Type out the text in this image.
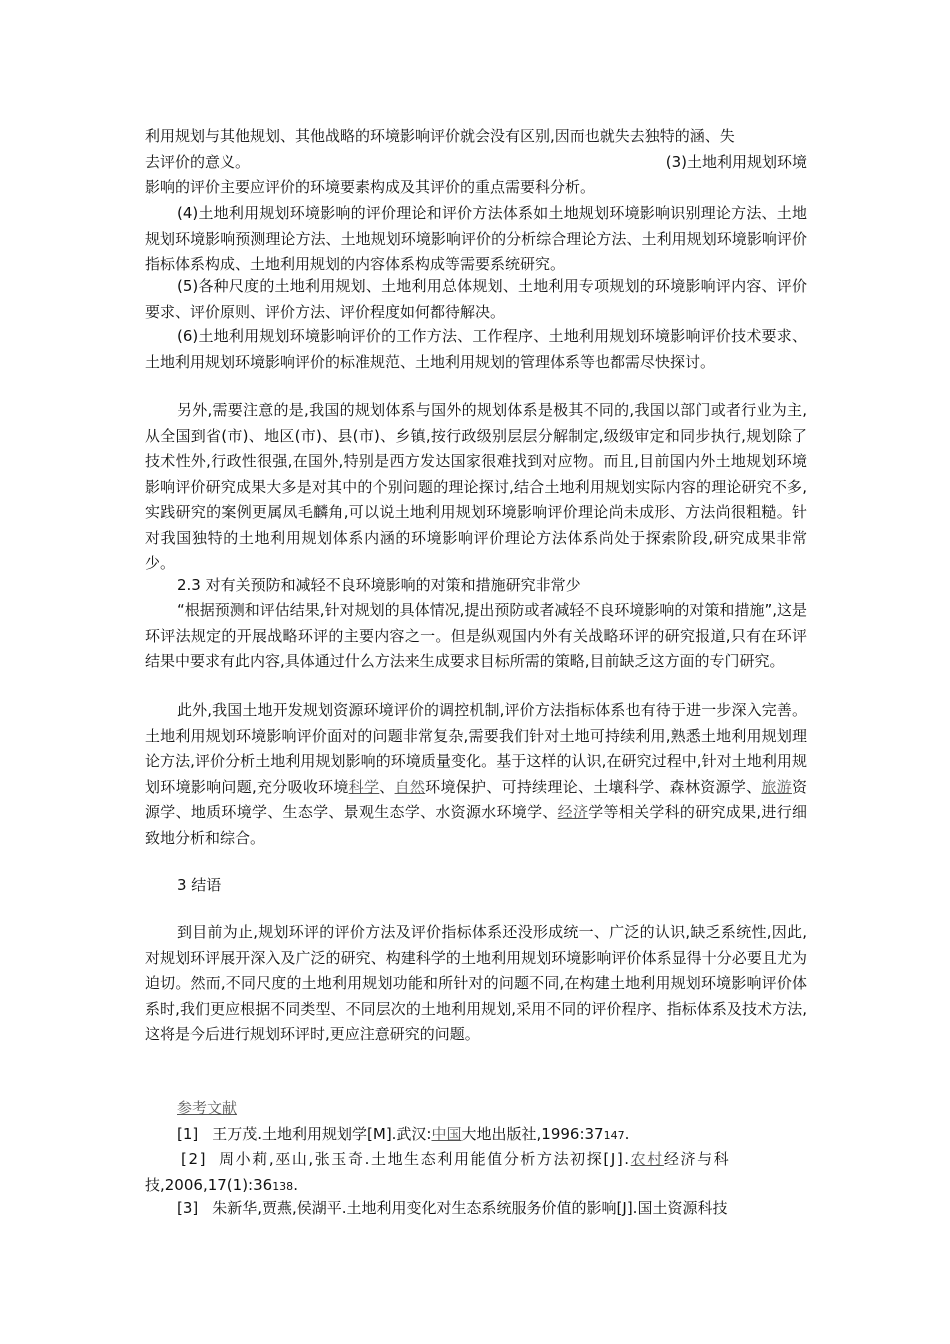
利用规划与其他规划、其他战略的环境影响评价就会没有区别,因而也就失去独特的涵、失
去评价的意义。	(3)土地利用规划环境
影响的评价主要应评价的环境要素构成及其评价的重点需要科分析。

(4)土地利用规划环境影响的评价理论和评价方法体系如土地规划环境影响识别理论方法、土地规划环境影响预测理论方法、土地规划环境影响评价的分析综合理论方法、土利用规划环境影响评价指标体系构成、土地利用规划的内容体系构成等需要系统研究。

(5)各种尺度的土地利用规划、土地利用总体规划、土地利用专项规划的环境影响评内容、评价要求、评价原则、评价方法、评价程度如何都待解决。

(6)土地利用规划环境影响评价的工作方法、工作程序、土地利用规划环境影响评价技术要求、土地利用规划环境影响评价的标准规范、土地利用规划的管理体系等也都需尽快探讨。

另外,需要注意的是,我国的规划体系与国外的规划体系是极其不同的,我国以部门或者行业为主, 从全国到省(市)、地区(市)、县(市)、乡镇,按行政级别层层分解制定,级级审定和同步执行,规划除了技术性外,行政性很强,在国外,特别是西方发达国家很难找到对应物。而且,目前国内外土地规划环境影响评价研究成果大多是对其中的个别问题的理论探讨,结合土地利用规划实际内容的理论研究不多,实践研究的案例更属凤毛麟角,可以说土地利用规划环境影响评价理论尚未成形、方法尚很粗糙。针对我国独特的土地利用规划体系内涵的环境影响评价理论方法体系尚处于探索阶段,研究成果非常少。

2.3 对有关预防和减轻不良环境影响的对策和措施研究非常少

“根据预测和评估结果,针对规划的具体情况,提出预防或者减轻不良环境影响的对策和措施”,这是环评法规定的开展战略环评的主要内容之一。但是纵观国内外有关战略环评的研究报道,只有在环评结果中要求有此内容,具体通过什么方法来生成要求目标所需的策略,目前缺乏这方面的专门研究。

此外,我国土地开发规划资源环境评价的调控机制,评价方法指标体系也有待于进一步深入完善。土地利用规划环境影响评价面对的问题非常复杂,需要我们针对土地可持续利用,熟悉土地利用规划理论方法,评价分析土地利用规划影响的环境质量变化。基于这样的认识,在研究过程中,针对土地利用规划环境影响问题,充分吸收环境科学、自然环境保护、可持续理论、土壤科学、森林资源学、旅游资源学、地质环境学、生态学、景观生态学、水资源水环境学、经济学等相关学科的研究成果,进行细致地分析和综合。

3 结语

到目前为止,规划环评的评价方法及评价指标体系还没形成统一、广泛的认识,缺乏系统性,因此,对规划环评展开深入及广泛的研究、构建科学的土地利用规划环境影响评价体系显得十分必要且尤为迫切。然而,不同尺度的土地利用规划功能和所针对的问题不同,在构建土地利用规划环境影响评价体系时,我们更应根据不同类型、不同层次的土地利用规划,采用不同的评价程序、指标体系及技术方法,这将是今后进行规划环评时,更应注意研究的问题。

参考文献

[1] 王万茂.土地利用规划学[M].武汉:中国大地出版社,1996:37147.

[2] 周小莉,巫山,张玉奇.土地生态利用能值分析方法初探[J].农村经济与科
技,2006,17(1):36138.

[3] 朱新华,贾燕,侯湖平.土地利用变化对生态系统服务价值的影响[J].国土资源科技
